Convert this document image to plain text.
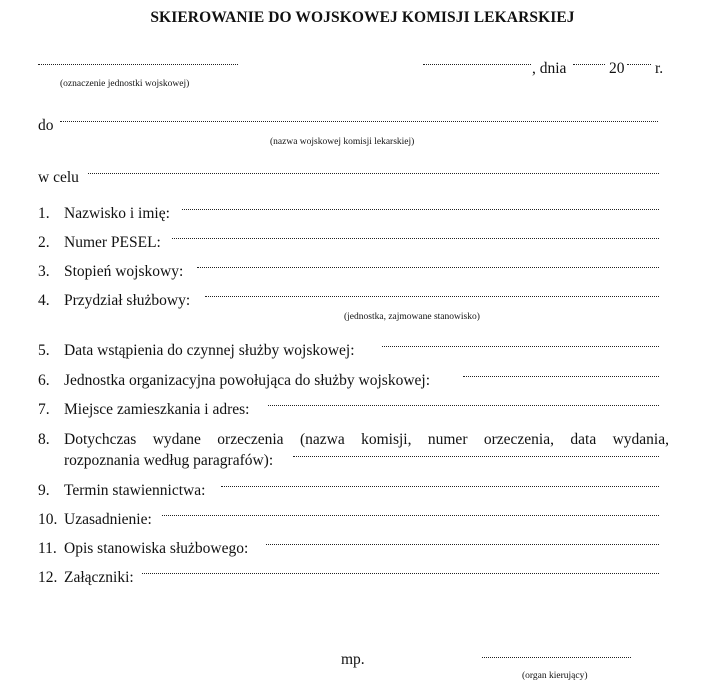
SKIEROWANIE DO WOJSKOWEJ KOMISJI LEKARSKIEJ
(oznaczenie jednostki wojskowej)
, dnia	20 r.
do
(nazwa wojskowej komisji lekarskiej)
w celu
1. Nazwisko i imię:
2. Numer PESEL:
3. Stopień wojskowy:
4. Przydział służbowy:
(jednostka, zajmowane stanowisko)
5. Data wstąpienia do czynnej służby wojskowej:
6. Jednostka organizacyjna powołująca do służby wojskowej:
7. Miejsce zamieszkania i adres:
8. Dotychczas wydane orzeczenia (nazwa komisji, numer orzeczenia, data wydania,
rozpoznania według paragrafów):
9. Termin stawiennictwa:
10. Uzasadnienie:
11. Opis stanowiska służbowego:
12. Załączniki:
mp.
(organ kierujący)
